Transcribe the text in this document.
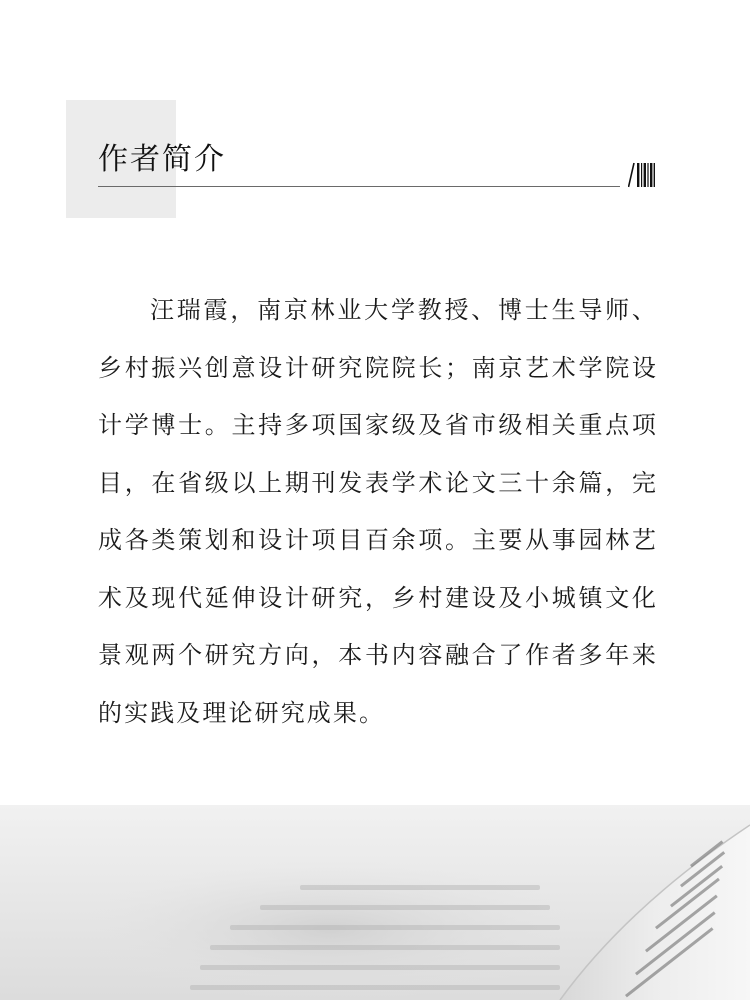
作者简介

汪瑞霞，南京林业大学教授、博士生导师、乡村振兴创意设计研究院院长；南京艺术学院设计学博士。主持多项国家级及省市级相关重点项目，在省级以上期刊发表学术论文三十余篇，完成各类策划和设计项目百余项。主要从事园林艺术及现代延伸设计研究，乡村建设及小城镇文化景观两个研究方向，本书内容融合了作者多年来的实践及理论研究成果。
